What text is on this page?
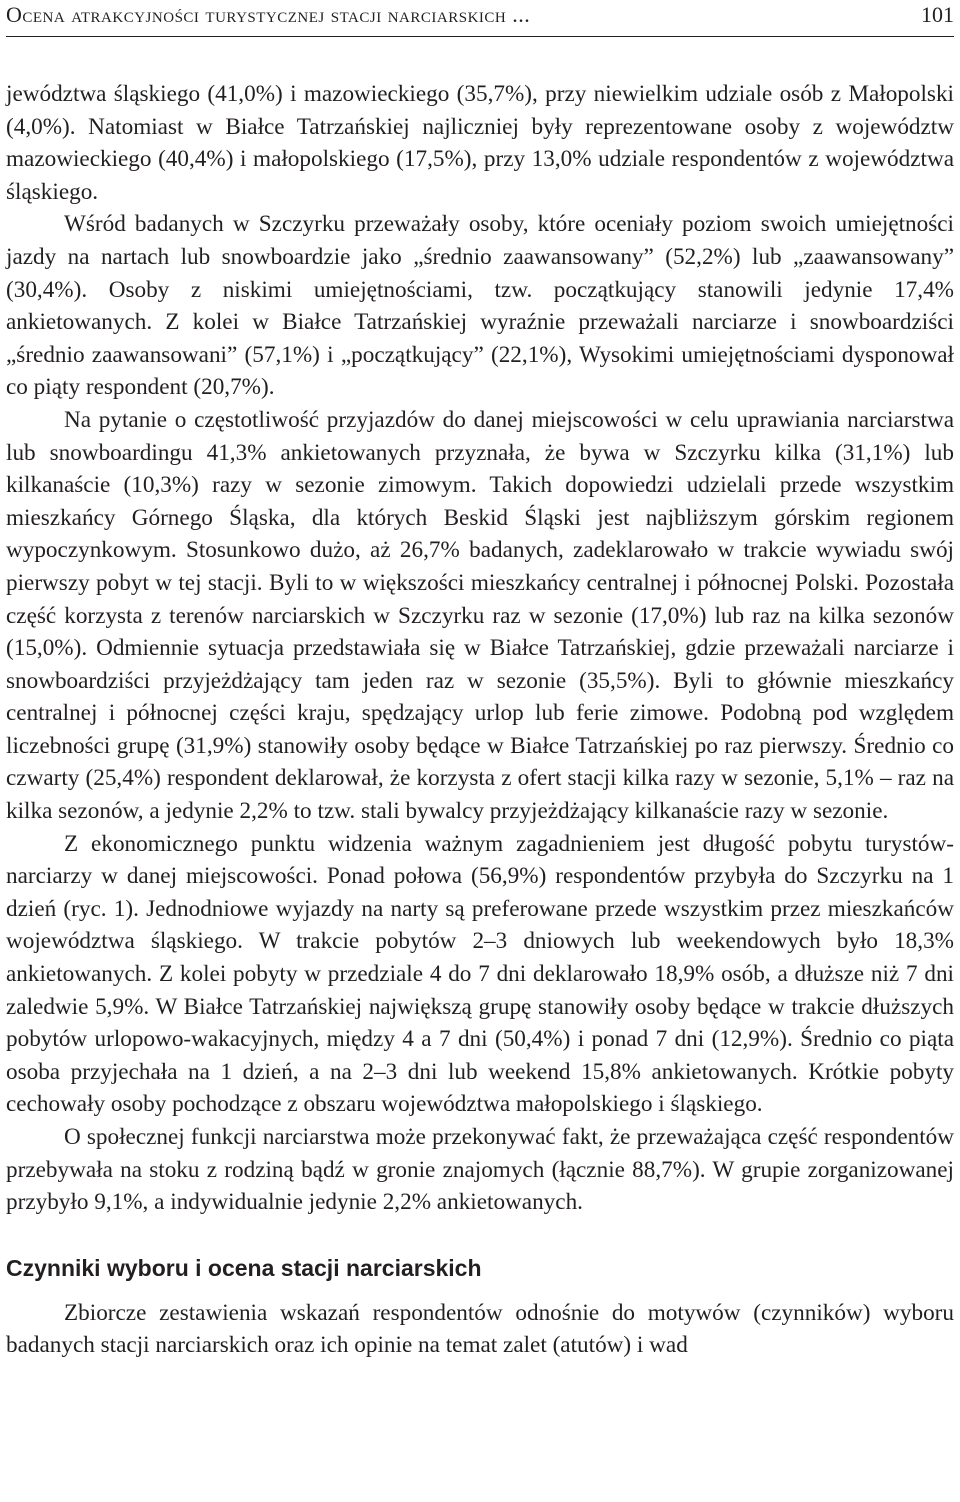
Ocena atrakcyjności turystycznej stacji narciarskich ...	101

jewództwa śląskiego (41,0%) i mazowieckiego (35,7%), przy niewielkim udziale osób z Małopolski (4,0%). Natomiast w Białce Tatrzańskiej najliczniej były reprezentowane osoby z województw mazowieckiego (40,4%) i małopolskiego (17,5%), przy 13,0% udziale respondentów z województwa śląskiego.

Wśród badanych w Szczyrku przeważały osoby, które oceniały poziom swoich umiejętności jazdy na nartach lub snowboardzie jako „średnio zaawansowany” (52,2%) lub „zaawansowany” (30,4%). Osoby z niskimi umiejętnościami, tzw. początkujący stanowili jedynie 17,4% ankietowanych. Z kolei w Białce Tatrzańskiej wyraźnie przeważali narciarze i snowboardziści „średnio zaawansowani” (57,1%) i „początkujący” (22,1%), Wysokimi umiejętnościami dysponował co piąty respondent (20,7%).

Na pytanie o częstotliwość przyjazdów do danej miejscowości w celu uprawiania narciarstwa lub snowboardingu 41,3% ankietowanych przyznała, że bywa w Szczyrku kilka (31,1%) lub kilkanaście (10,3%) razy w sezonie zimowym. Takich dopowiedzi udzielali przede wszystkim mieszkańcy Górnego Śląska, dla których Beskid Śląski jest najbliższym górskim regionem wypoczynkowym. Stosunkowo dużo, aż 26,7% badanych, zadeklarowało w trakcie wywiadu swój pierwszy pobyt w tej stacji. Byli to w większości mieszkańcy centralnej i północnej Polski. Pozostała część korzysta z terenów narciarskich w Szczyrku raz w sezonie (17,0%) lub raz na kilka sezonów (15,0%). Odmiennie sytuacja przedstawiała się w Białce Tatrzańskiej, gdzie przeważali narciarze i snowboardziści przyjeżdżający tam jeden raz w sezonie (35,5%). Byli to głównie mieszkańcy centralnej i północnej części kraju, spędzający urlop lub ferie zimowe. Podobną pod względem liczebności grupę (31,9%) stanowiły osoby będące w Białce Tatrzańskiej po raz pierwszy. Średnio co czwarty (25,4%) respondent deklarował, że korzysta z ofert stacji kilka razy w sezonie, 5,1% – raz na kilka sezonów, a jedynie 2,2% to tzw. stali bywalcy przyjeżdżający kilkanaście razy w sezonie.

Z ekonomicznego punktu widzenia ważnym zagadnieniem jest długość pobytu turystów-narciarzy w danej miejscowości. Ponad połowa (56,9%) respondentów przybyła do Szczyrku na 1 dzień (ryc. 1). Jednodniowe wyjazdy na narty są preferowane przede wszystkim przez mieszkańców województwa śląskiego. W trakcie pobytów 2–3 dniowych lub weekendowych było 18,3% ankietowanych. Z kolei pobyty w przedziale 4 do 7 dni deklarowało 18,9% osób, a dłuższe niż 7 dni zaledwie 5,9%. W Białce Tatrzańskiej największą grupę stanowiły osoby będące w trakcie dłuższych pobytów urlopowo-wakacyjnych, między 4 a 7 dni (50,4%) i ponad 7 dni (12,9%). Średnio co piąta osoba przyjechała na 1 dzień, a na 2–3 dni lub weekend 15,8% ankietowanych. Krótkie pobyty cechowały osoby pochodzące z obszaru województwa małopolskiego i śląskiego.

O społecznej funkcji narciarstwa może przekonywać fakt, że przeważająca część respondentów przebywała na stoku z rodziną bądź w gronie znajomych (łącznie 88,7%). W grupie zorganizowanej przybyło 9,1%, a indywidualnie jedynie 2,2% ankietowanych.

Czynniki wyboru i ocena stacji narciarskich

Zbiorcze zestawienia wskazań respondentów odnośnie do motywów (czynników) wyboru badanych stacji narciarskich oraz ich opinie na temat zalet (atutów) i wad
